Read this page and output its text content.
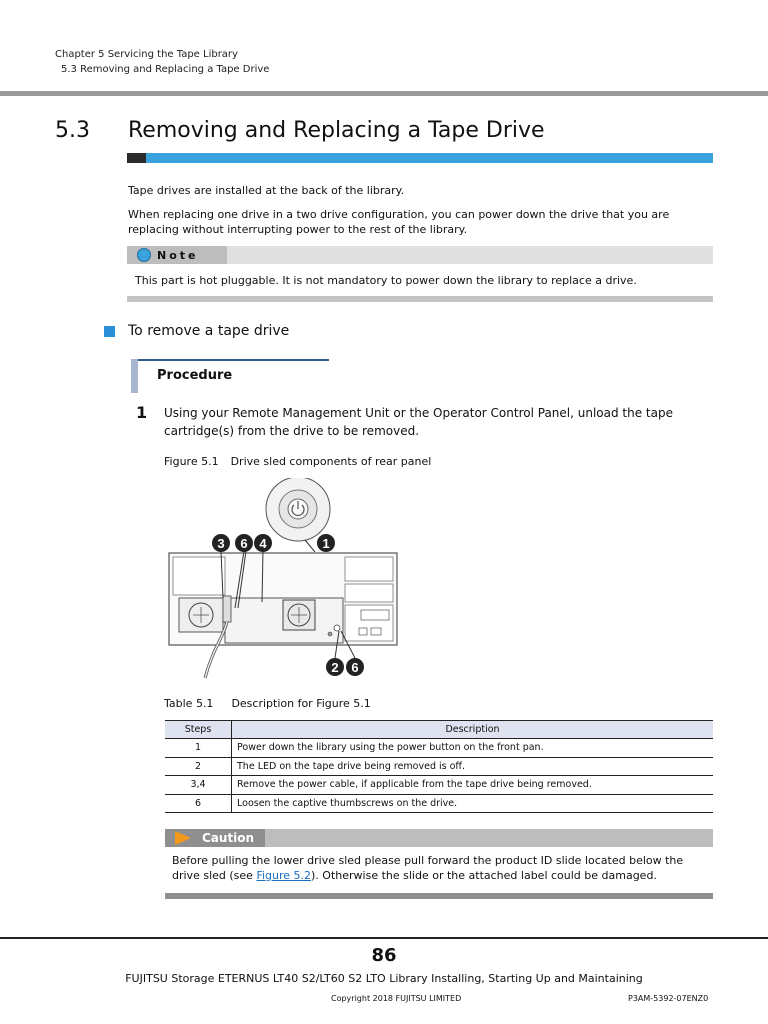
Chapter 5 Servicing the Tape Library
5.3 Removing and Replacing a Tape Drive
5.3 Removing and Replacing a Tape Drive
Tape drives are installed at the back of the library.
When replacing one drive in a two drive configuration, you can power down the drive that you are replacing without interrupting power to the rest of the library.
Note
This part is hot pluggable. It is not mandatory to power down the library to replace a drive.
To remove a tape drive
Procedure
1 Using your Remote Management Unit or the Operator Control Panel, unload the tape cartridge(s) from the drive to be removed.
Figure 5.1 Drive sled components of rear panel
3 6 4	1
2 6
Table 5.1 Description for Figure 5.1
Steps	Description
1	Power down the library using the power button on the front pan.
2	The LED on the tape drive being removed is off.
3,4	Remove the power cable, if applicable from the tape drive being removed.
6	Loosen the captive thumbscrews on the drive.
Caution
Before pulling the lower drive sled please pull forward the product ID slide located below the drive sled (see Figure 5.2). Otherwise the slide or the attached label could be damaged.
86
FUJITSU Storage ETERNUS LT40 S2/LT60 S2 LTO Library Installing, Starting Up and Maintaining
Copyright 2018 FUJITSU LIMITED	P3AM-5392-07ENZ0
